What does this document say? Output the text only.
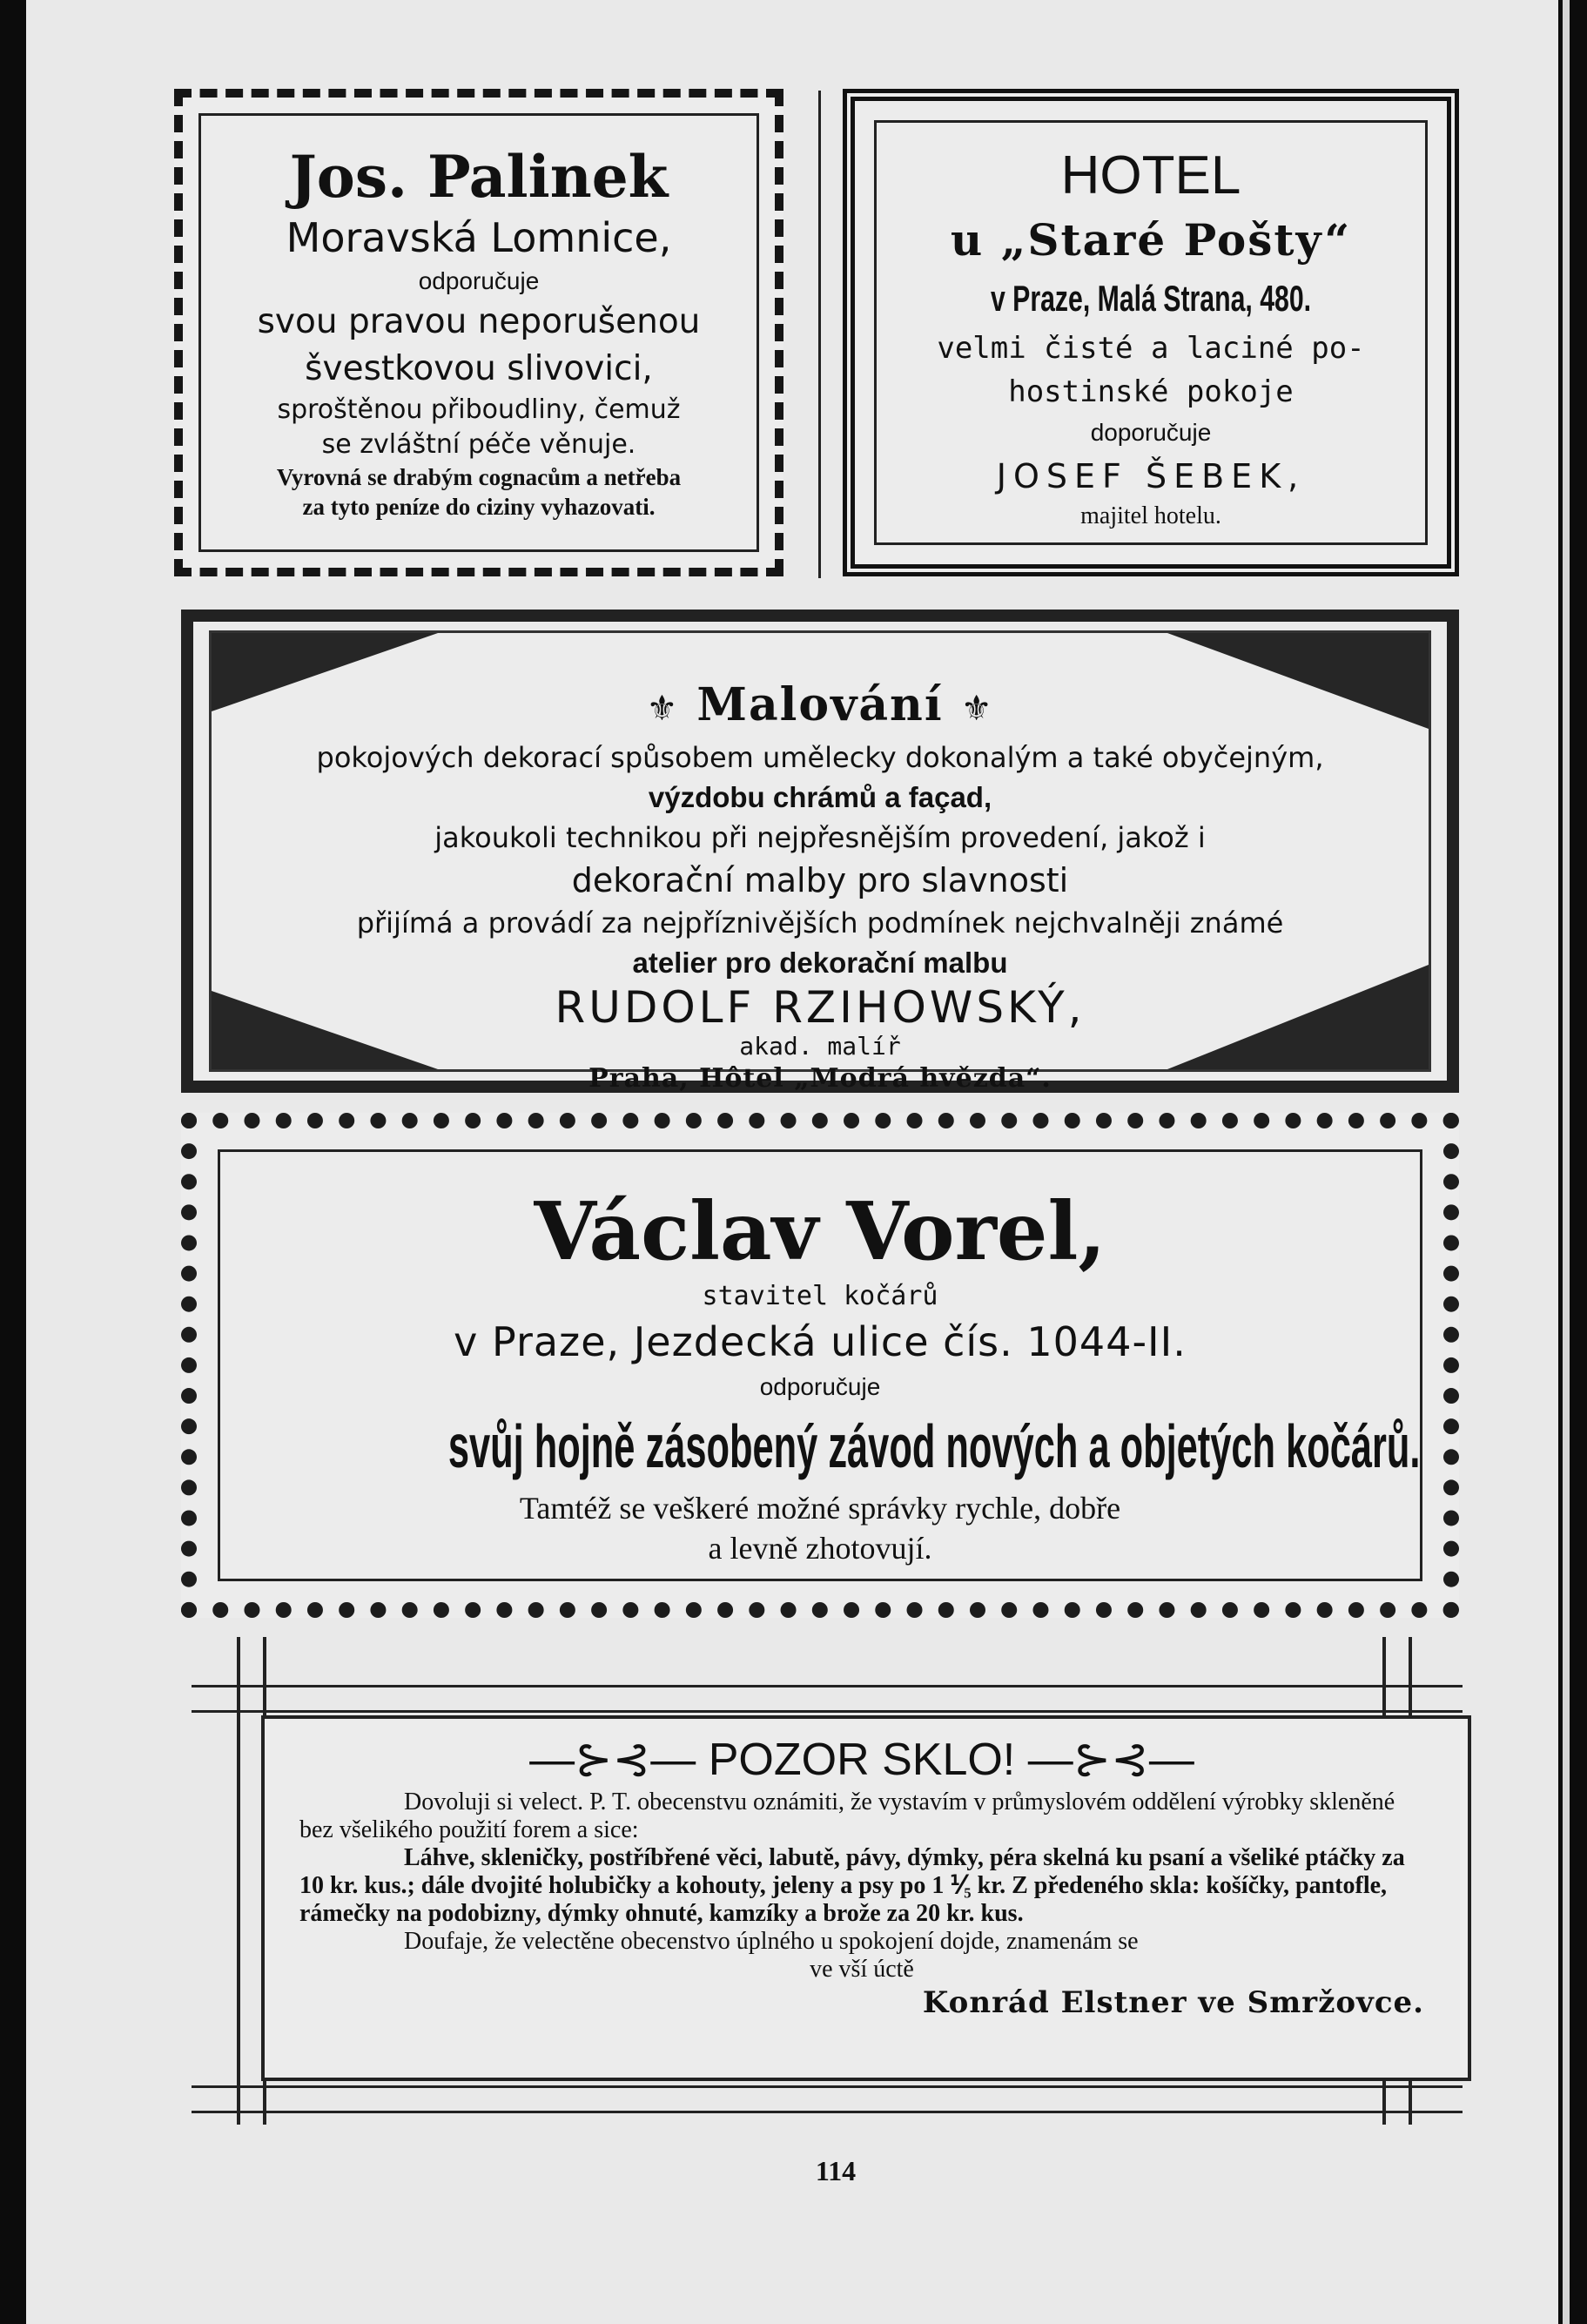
Jos. Palinek
Moravská Lomnice,
odporučuje
svou pravou neporušenou
švestkovou slivovici,
sproštěnou přiboudliny, čemuž
se zvláštní péče věnuje.
Vyrovná se drabým cognacům a netřeba
za tyto peníze do ciziny vyhazovati.
HOTEL
u „Staré Pošty“
v Praze, Malá Strana, 480.
velmi čisté a laciné po-
hostinské pokoje
doporučuje
JOSEF ŠEBEK,
majitel hotelu.
⚜ Malování ⚜
pokojových dekorací spůsobem umělecky dokonalým a také obyčejným,
výzdobu chrámů a façad,
jakoukoli technikou při nejpřesnějším provedení, jakož i
dekorační malby pro slavnosti
přijímá a provádí za nejpříznivějších podmínek nejchvalněji známé
atelier pro dekorační malbu
RUDOLF RZIHOWSKÝ,
akad. malíř
Praha, Hôtel „Modrá hvězda“.
Václav Vorel,
stavitel kočárů
v Praze, Jezdecká ulice čís. 1044-II.
odporučuje
svůj hojně zásobený závod nových a objetých kočárů.
Tamtéž se veškeré možné správky rychle, dobře
a levně zhotovují.
—⊱⊰— POZOR SKLO! —⊱⊰—
Dovoluji si velect. P. T. obecenstvu oznámiti, že vystavím v průmyslovém oddělení výrobky skleněné bez všelikého použití forem a sice:
Láhve, skleničky, postříbřené věci, labutě, pávy, dýmky, péra skelná ku psaní a všeliké ptáčky za 10 kr. kus.; dále dvojité holubičky a kohouty, jeleny a psy po 1 ⅟₅ kr. Z předeného skla: košíčky, pantofle, rámečky na podobizny, dýmky ohnuté, kamzíky a brože za 20 kr. kus.
Doufaje, že velectěne obecenstvo úplného u spokojení dojde, znamenám se
ve vší úctě
Konrád Elstner ve Smržovce.
114
